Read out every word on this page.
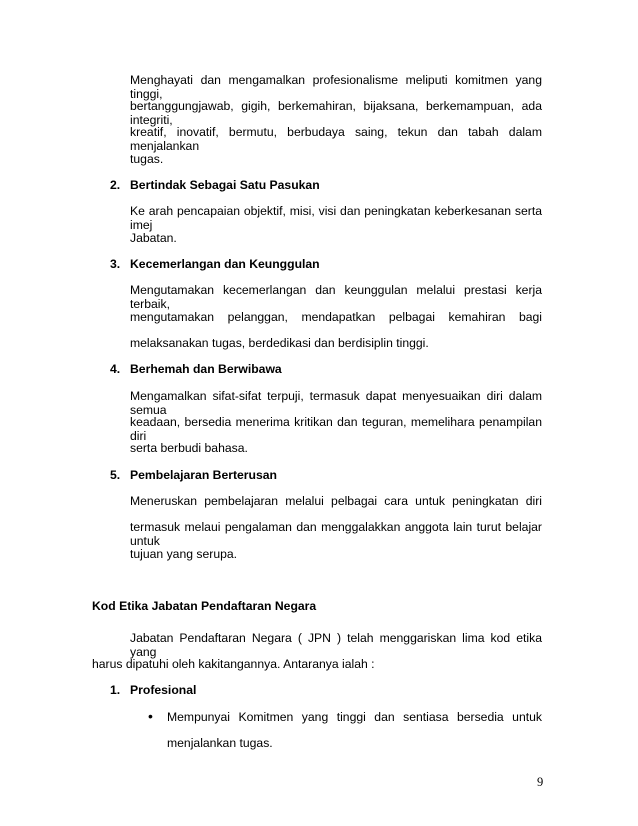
Menghayati dan mengamalkan profesionalisme meliputi komitmen yang tinggi,
bertanggungjawab, gigih, berkemahiran, bijaksana, berkemampuan, ada integriti,
kreatif, inovatif, bermutu, berbudaya saing, tekun dan tabah dalam menjalankan
tugas.
2. Bertindak Sebagai Satu Pasukan
Ke arah pencapaian objektif, misi, visi dan peningkatan keberkesanan serta imej
Jabatan.
3. Kecemerlangan dan Keunggulan
Mengutamakan kecemerlangan dan keunggulan melalui prestasi kerja terbaik,
mengutamakan pelanggan, mendapatkan pelbagai kemahiran bagi
melaksanakan tugas, berdedikasi dan berdisiplin tinggi.
4. Berhemah dan Berwibawa
Mengamalkan sifat-sifat terpuji, termasuk dapat menyesuaikan diri dalam semua
keadaan, bersedia menerima kritikan dan teguran, memelihara penampilan diri
serta berbudi bahasa.
5. Pembelajaran Berterusan
Meneruskan pembelajaran melalui pelbagai cara untuk peningkatan diri
termasuk melaui pengalaman dan menggalakkan anggota lain turut belajar untuk
tujuan yang serupa.
Kod Etika Jabatan Pendaftaran Negara
Jabatan Pendaftaran Negara ( JPN ) telah menggariskan lima kod etika yang
harus dipatuhi oleh kakitangannya. Antaranya ialah :
1. Profesional
• Mempunyai Komitmen yang tinggi dan sentiasa bersedia untuk
menjalankan tugas.
9
